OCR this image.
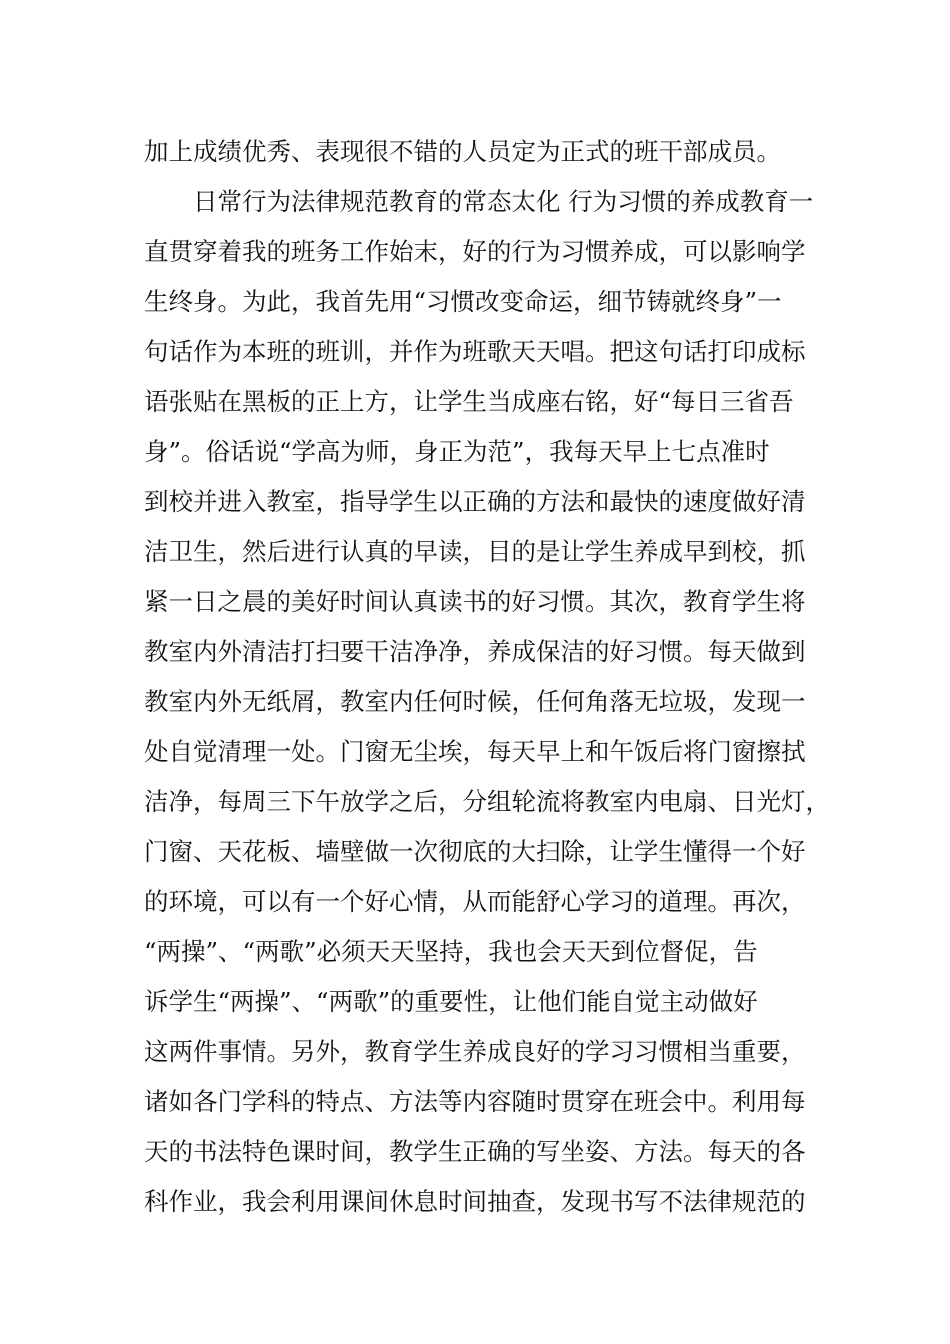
加上成绩优秀、表现很不错的人员定为正式的班干部成员。
日常行为法律规范教育的常态太化 行为习惯的养成教育一
直贯穿着我的班务工作始末，好的行为习惯养成，可以影响学
生终身。为此，我首先用“习惯改变命运，细节铸就终身”一
句话作为本班的班训，并作为班歌天天唱。把这句话打印成标
语张贴在黑板的正上方，让学生当成座右铭，好“每日三省吾
身”。俗话说“学高为师，身正为范”，我每天早上七点准时
到校并进入教室，指导学生以正确的方法和最快的速度做好清
洁卫生，然后进行认真的早读，目的是让学生养成早到校，抓
紧一日之晨的美好时间认真读书的好习惯。其次，教育学生将
教室内外清洁打扫要干洁净净，养成保洁的好习惯。每天做到
教室内外无纸屑，教室内任何时候，任何角落无垃圾，发现一
处自觉清理一处。门窗无尘埃，每天早上和午饭后将门窗擦拭
洁净，每周三下午放学之后，分组轮流将教室内电扇、日光灯，
门窗、天花板、墙壁做一次彻底的大扫除，让学生懂得一个好
的环境，可以有一个好心情，从而能舒心学习的道理。再次，
“两操”、“两歌”必须天天坚持，我也会天天到位督促，告
诉学生“两操”、“两歌”的重要性，让他们能自觉主动做好
这两件事情。另外，教育学生养成良好的学习习惯相当重要，
诸如各门学科的特点、方法等内容随时贯穿在班会中。利用每
天的书法特色课时间，教学生正确的写坐姿、方法。每天的各
科作业，我会利用课间休息时间抽查，发现书写不法律规范的
